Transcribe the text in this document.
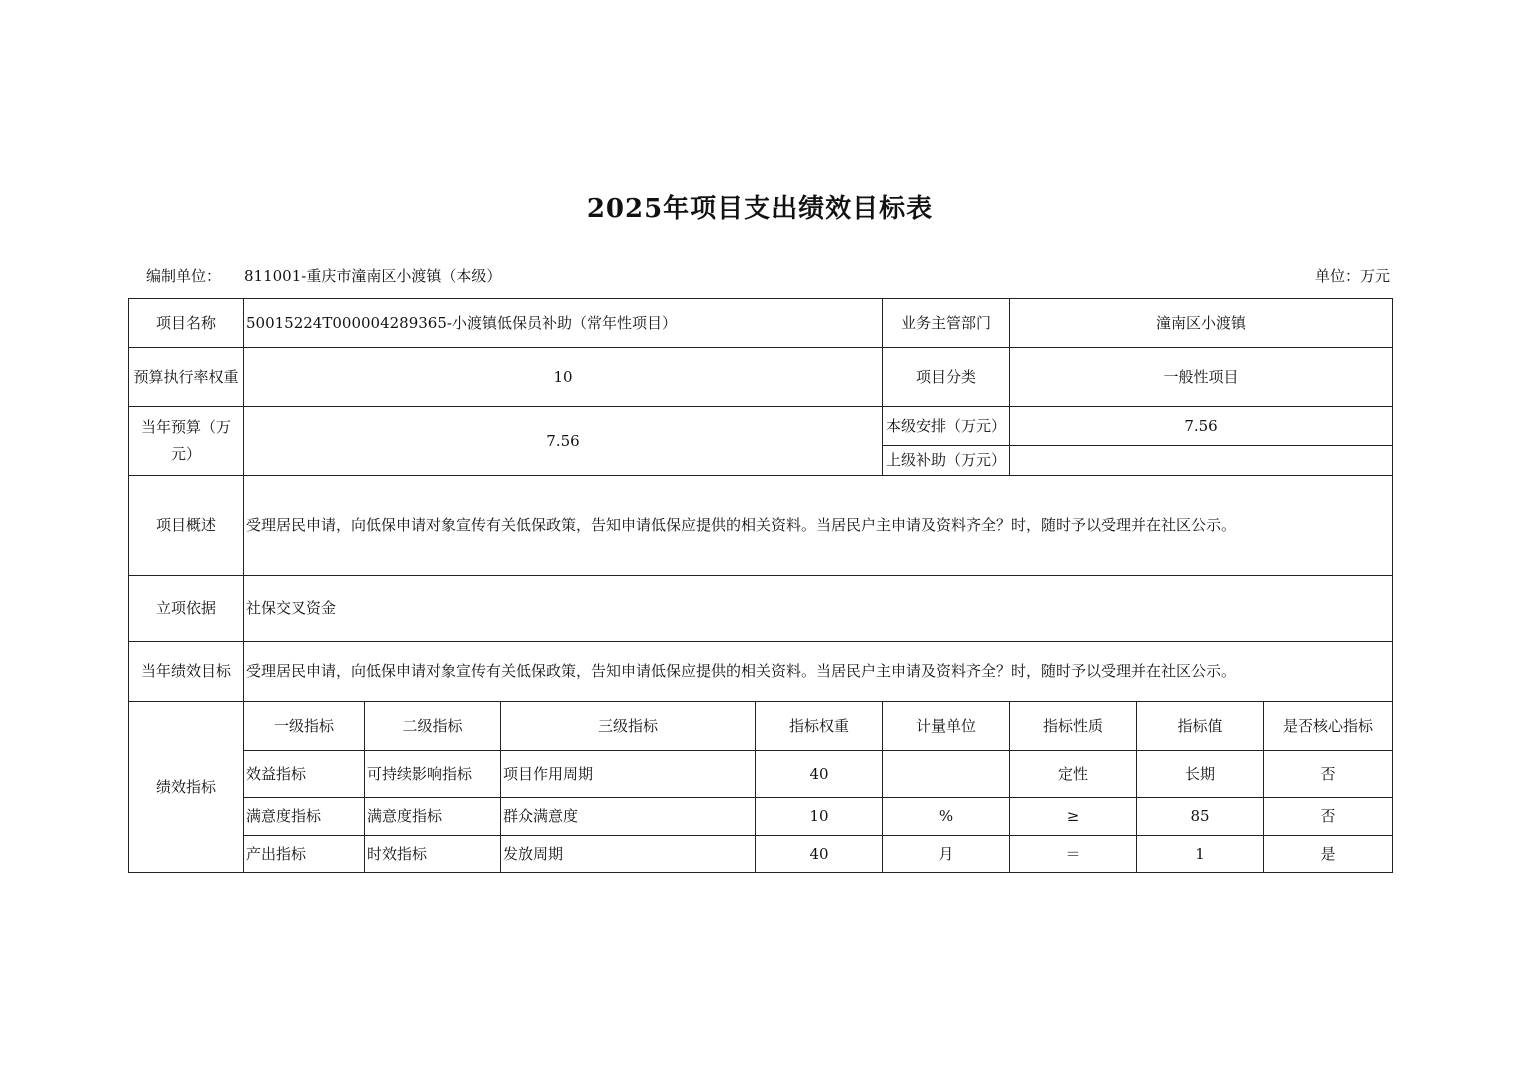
2025年项目支出绩效目标表
编制单位： 811001-重庆市潼南区小渡镇（本级）	单位：万元
项目名称	50015224T000004289365-小渡镇低保员补助（常年性项目）				业务主管部门	潼南区小渡镇		
预算执行率权重	10				项目分类	一般性项目		
当年预算（万元）	7.56				本级安排（万元）	7.56		
					上级补助（万元）			
项目概述	受理居民申请，向低保申请对象宣传有关低保政策，告知申请低保应提供的相关资料。当居民户主申请及资料齐全？时，随时予以受理并在社区公示。							
立项依据	社保交叉资金							
当年绩效目标	受理居民申请，向低保申请对象宣传有关低保政策，告知申请低保应提供的相关资料。当居民户主申请及资料齐全？时，随时予以受理并在社区公示。							
绩效指标	一级指标	二级指标	三级指标	指标权重	计量单位	指标性质	指标值	是否核心指标
	效益指标	可持续影响指标	项目作用周期	40		定性	长期	否
	满意度指标	满意度指标	群众满意度	10	%	≥	85	否
	产出指标	时效指标	发放周期	40	月	＝	1	是
